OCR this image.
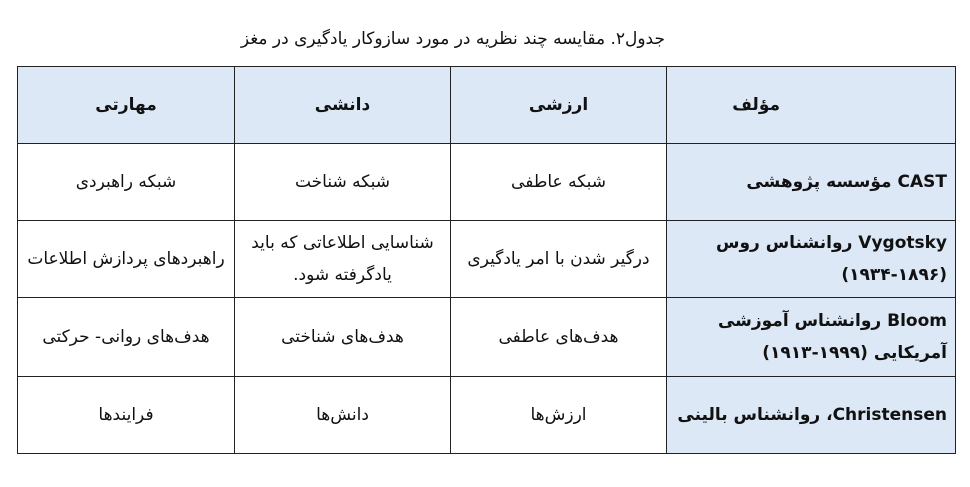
جدول۲. مقایسه چند نظریه در مورد سازوکار یادگیری در مغز
مؤلف	ارزشی	دانشی	مهارتی
CAST مؤسسه پژوهشی	شبکه عاطفی	شبکه شناخت	شبکه راهبردی
Vygotsky روانشناس روس (۱۸۹۶-۱۹۳۴)	درگیر شدن با امر یادگیری	شناسایی اطلاعاتی که باید یادگرفته شود.	راهبردهای پردازش اطلاعات
Bloom روانشناس آموزشی آمریکایی (۱۹۹۹-۱۹۱۳)	هدف‌های عاطفی	هدف‌های شناختی	هدف‌های روانی- حرکتی
Christensen، روانشناس بالینی	ارزش‌ها	دانش‌ها	فرایندها
